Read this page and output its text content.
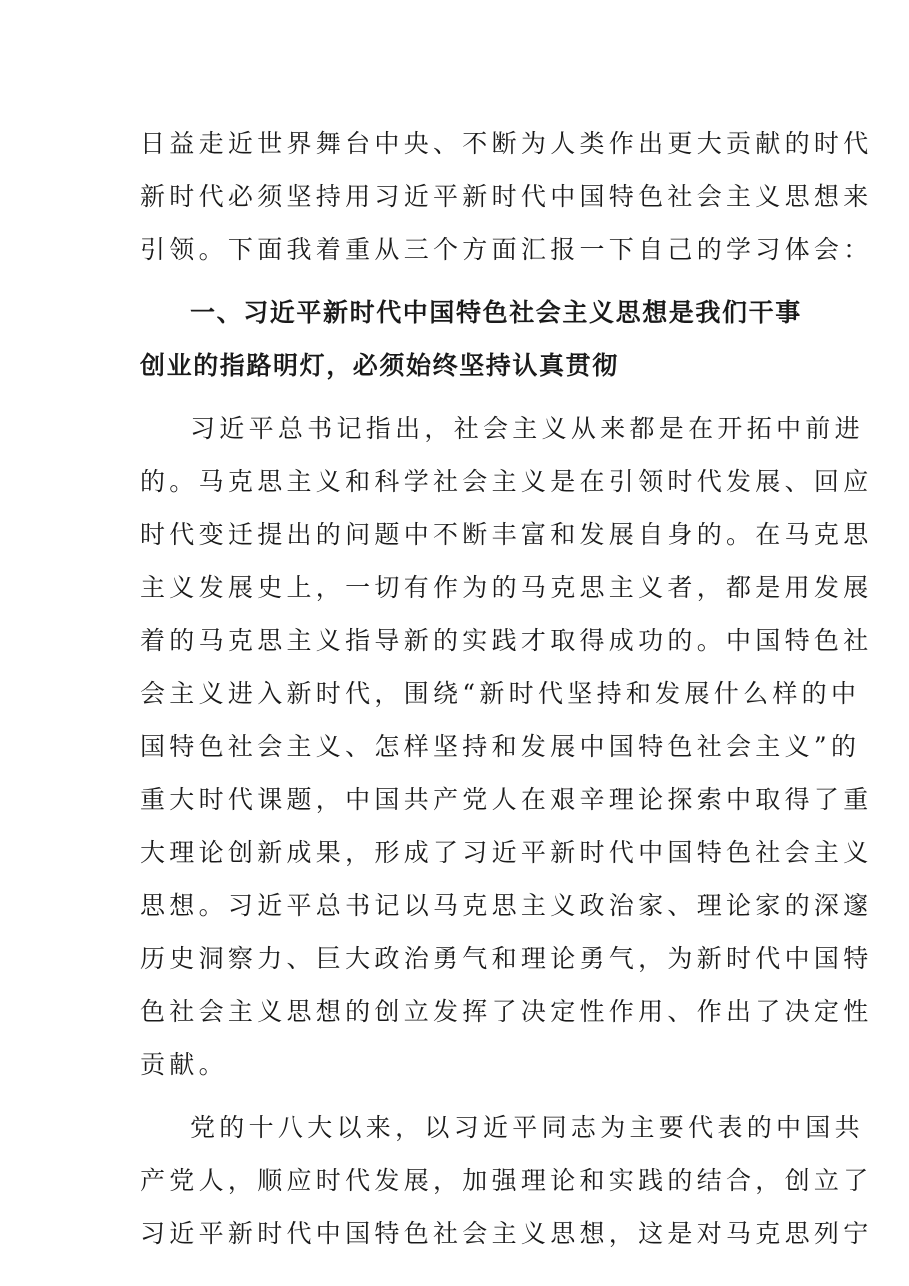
日益走近世界舞台中央、不断为人类作出更大贡献的时代
新时代必须坚持用习近平新时代中国特色社会主义思想来
引领。下面我着重从三个方面汇报一下自己的学习体会：
一、习近平新时代中国特色社会主义思想是我们干事
创业的指路明灯，必须始终坚持认真贯彻
习近平总书记指出，社会主义从来都是在开拓中前进
的。马克思主义和科学社会主义是在引领时代发展、回应
时代变迁提出的问题中不断丰富和发展自身的。在马克思
主义发展史上，一切有作为的马克思主义者，都是用发展
着的马克思主义指导新的实践才取得成功的。中国特色社
会主义进入新时代，围绕“新时代坚持和发展什么样的中
国特色社会主义、怎样坚持和发展中国特色社会主义”的
重大时代课题，中国共产党人在艰辛理论探索中取得了重
大理论创新成果，形成了习近平新时代中国特色社会主义
思想。习近平总书记以马克思主义政治家、理论家的深邃
历史洞察力、巨大政治勇气和理论勇气，为新时代中国特
色社会主义思想的创立发挥了决定性作用、作出了决定性
贡献。
党的十八大以来，以习近平同志为主要代表的中国共
产党人，顺应时代发展，加强理论和实践的结合，创立了
习近平新时代中国特色社会主义思想，这是对马克思列宁
